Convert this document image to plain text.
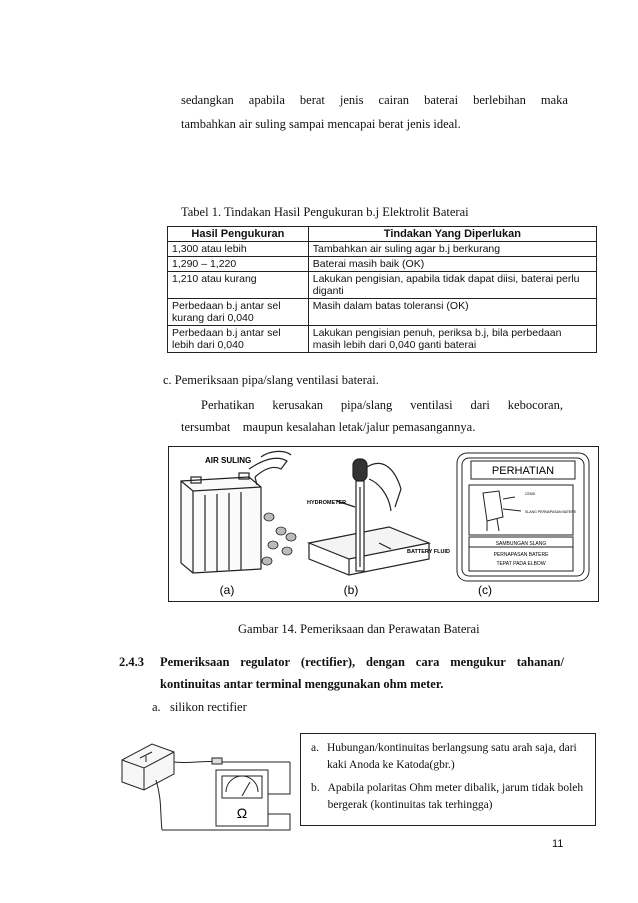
sedangkan apabila berat jenis cairan baterai berlebihan maka
tambahkan air suling sampai mencapai berat jenis ideal.
Tabel 1. Tindakan Hasil Pengukuran b.j Elektrolit Baterai
Hasil Pengukuran	Tindakan Yang Diperlukan
1,300 atau lebih	Tambahkan air suling agar b.j berkurang
1,290 – 1,220	Baterai masih baik (OK)
1,210 atau kurang	Lakukan pengisian, apabila tidak dapat diisi, baterai perlu diganti
Perbedaan b.j antar sel kurang dari 0,040	Masih dalam batas toleransi (OK)
Perbedaan b.j antar sel lebih dari 0,040	Lakukan pengisian penuh, periksa b.j, bila perbedaan masih lebih dari 0,040 ganti baterai
c. Pemeriksaan pipa/slang ventilasi baterai.
Perhatikan kerusakan pipa/slang ventilasi dari kebocoran,
tersumbat    maupun kesalahan letak/jalur pemasangannya.
AIR SULING
HYDROMETER
BATTERY FLUID
PERHATIAN
CEKIK
SLANG PERNAPASAN BATERE
SAMBUNGAN SLANG
PERNAPASAN BATERE
TEPAT PADA ELBOW
(a)	(b)	(c)
Gambar 14. Pemeriksaan dan Perawatan Baterai
2.4.3 Pemeriksaan regulator (rectifier), dengan cara mengukur tahanan/
kontinuitas antar terminal menggunakan ohm meter.
a.   silikon rectifier
Ω
a. Hubungan/kontinuitas berlangsung satu arah saja, dari kaki Anoda ke Katoda(gbr.)
b. Apabila polaritas Ohm meter dibalik, jarum tidak boleh bergerak (kontinuitas tak terhingga)
11
